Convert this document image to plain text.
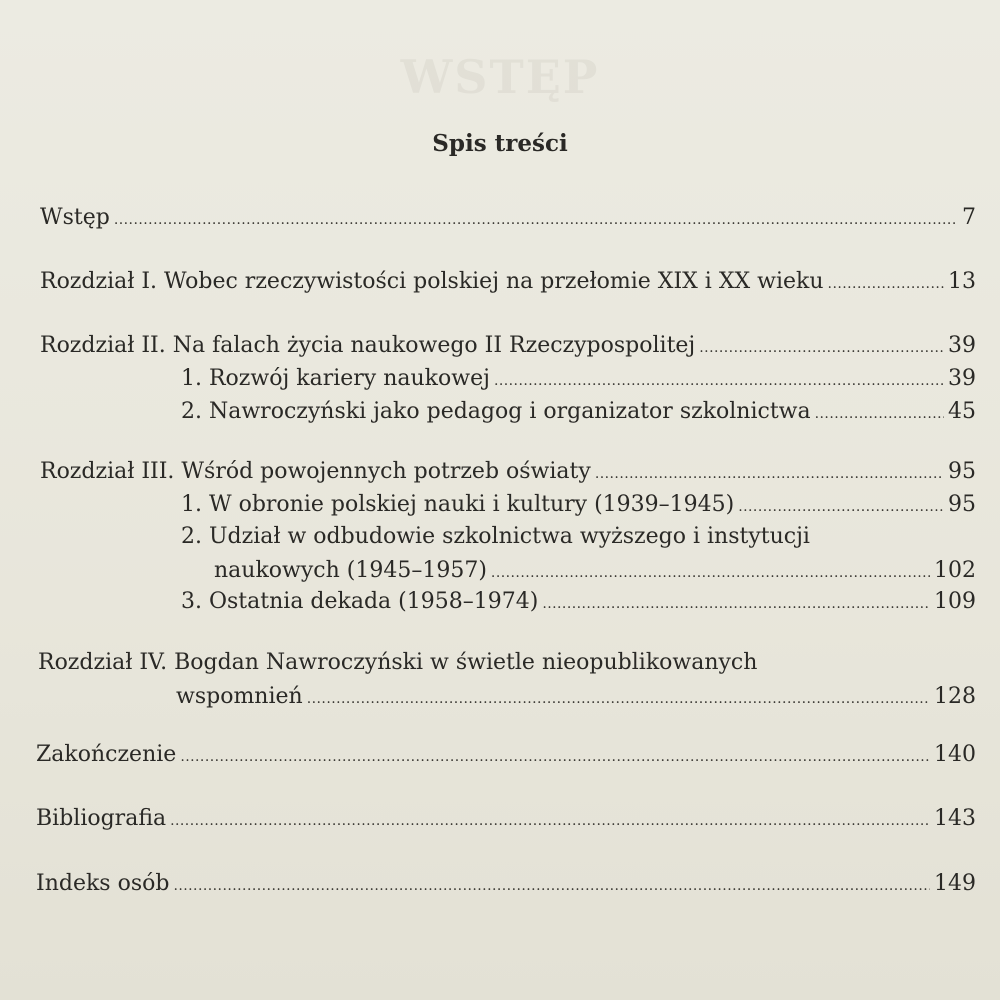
WSTĘP
Spis treści
Wstęp . . .	7
Rozdział I. Wobec rzeczywistości polskiej na przełomie XIX i XX wieku . . .	13
Rozdział II. Na falach życia naukowego II Rzeczypospolitej . . .	39
1. Rozwój kariery naukowej . . .	39
2. Nawroczyński jako pedagog i organizator szkolnictwa . . .	45
Rozdział III. Wśród powojennych potrzeb oświaty . . .	95
1. W obronie polskiej nauki i kultury (1939–1945) . . .	95
2. Udział w odbudowie szkolnictwa wyższego i instytucji
naukowych (1945–1957) . . .	102
3. Ostatnia dekada (1958–1974) . . .	109
Rozdział IV. Bogdan Nawroczyński w świetle nieopublikowanych
wspomnień . . .	128
Zakończenie . . .	140
Bibliografia . . .	143
Indeks osób . . .	149
